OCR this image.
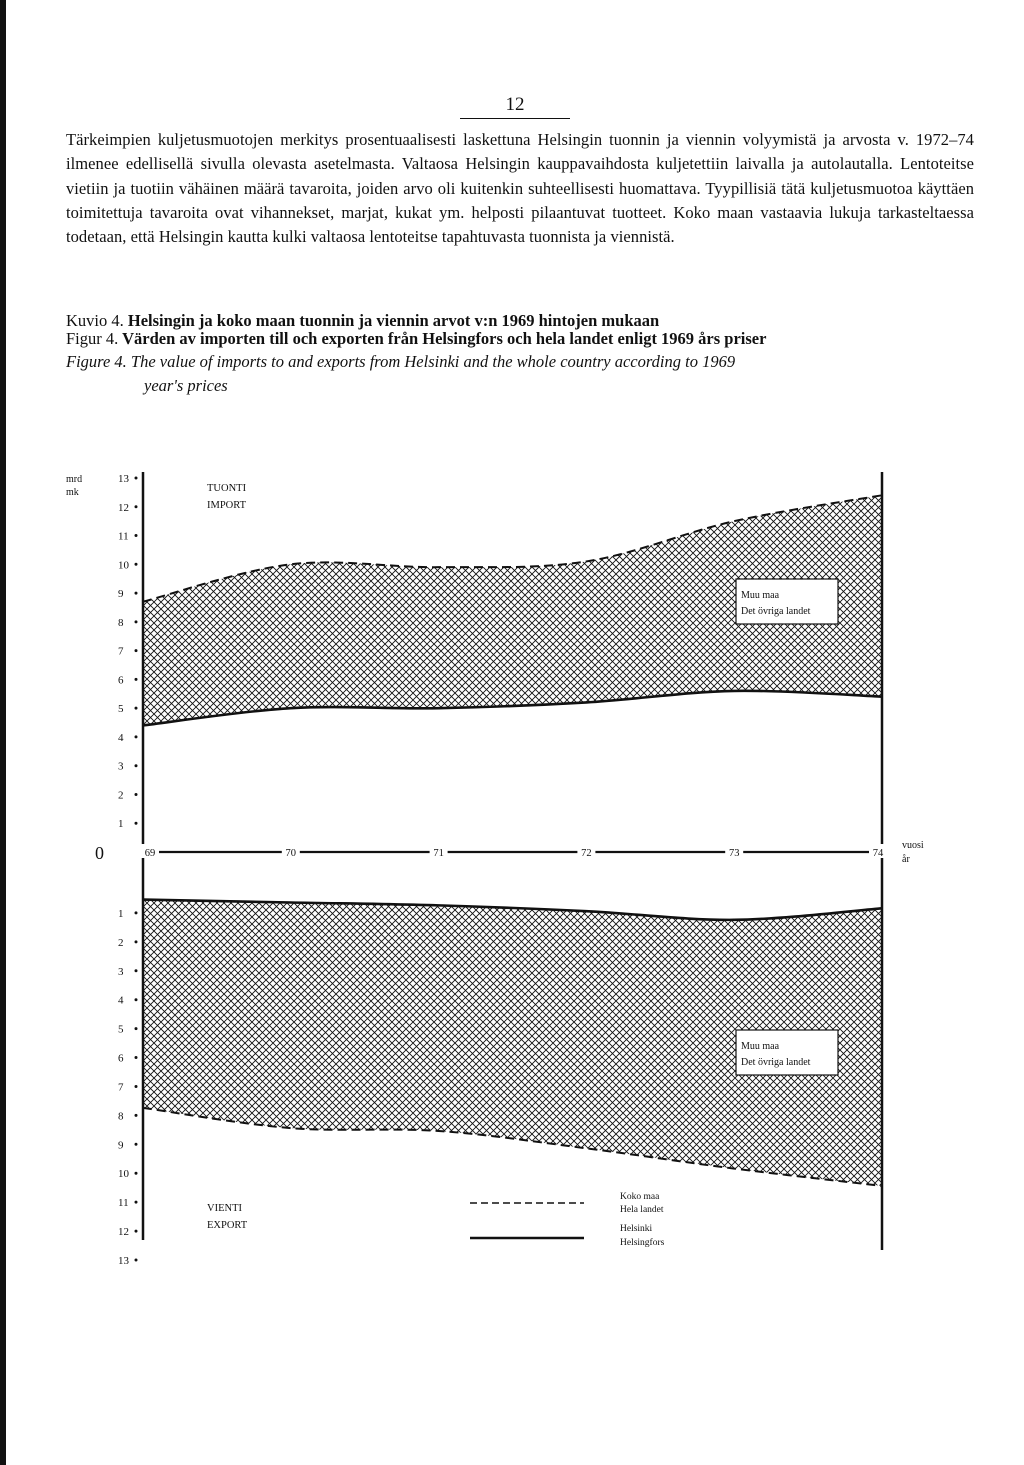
12
Tärkeimpien kuljetusmuotojen merkitys prosentuaalisesti laskettuna Helsingin tuonnin ja viennin volyymistä ja arvosta v. 1972–74 ilmenee edellisellä sivulla olevasta asetelmasta. Valtaosa Helsingin kauppavaihdosta kuljetettiin laivalla ja autolautalla. Lentoteitse vietiin ja tuotiin vähäinen määrä tavaroita, joiden arvo oli kuitenkin suhteellisesti huomattava. Tyypillisiä tätä kuljetusmuotoa käyttäen toimitettuja tavaroita ovat vihannekset, marjat, kukat ym. helposti pilaantuvat tuotteet. Koko maan vastaavia lukuja tarkasteltaessa todetaan, että Helsingin kautta kulki valtaosa lentoteitse tapahtuvasta tuonnista ja viennistä.
Kuvio 4. Helsingin ja koko maan tuonnin ja viennin arvot v:n 1969 hintojen mukaan
Figur 4. Värden av importen till och exporten från Helsingfors och hela landet enligt 1969 års priser
Figure 4. The value of imports to and exports from Helsinki and the whole country according to 1969
year's prices
1
1
2
2
3
3
4
4
5
5
6
6
7
7
8
8
9
9
10
10
11
11
12
12
13
13
0	69	70	71	72	73	74
mrd
mk
vuosi
år
TUONTI
IMPORT
VIENTI
EXPORT
Muu maa
Det övriga landet
Muu maa
Det övriga landet
Koko maa
Hela landet
Helsinki
Helsingfors
